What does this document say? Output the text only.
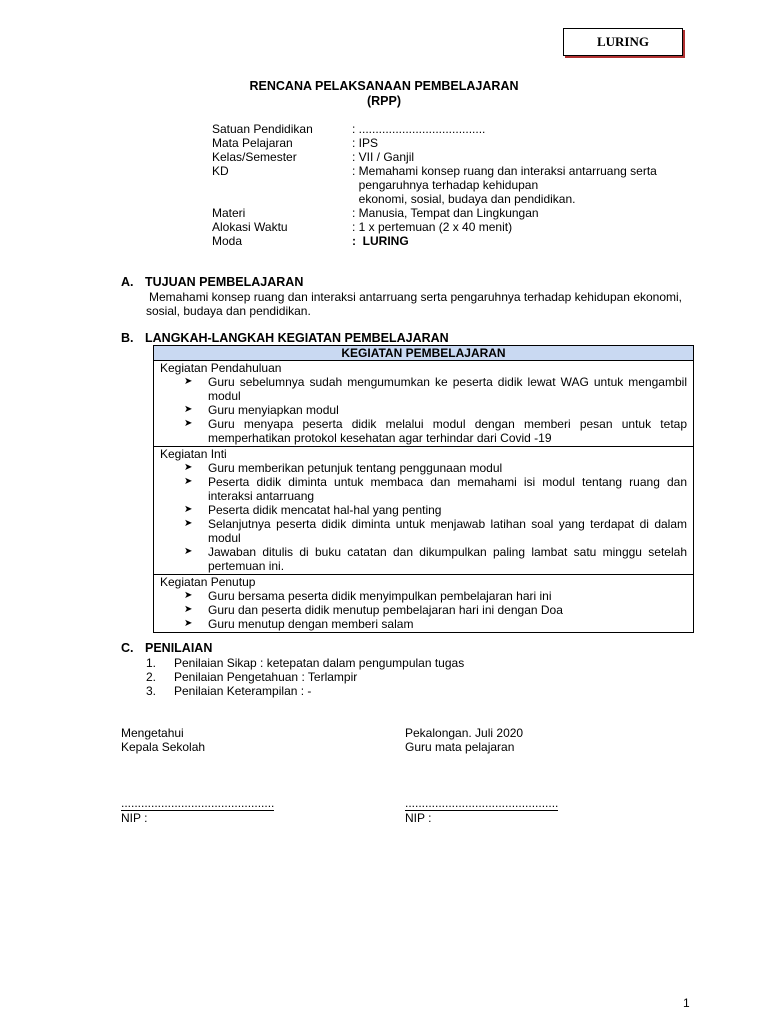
LURING
RENCANA PELAKSANAAN PEMBELAJARAN
(RPP)
Satuan Pendidikan	: ......................................
Mata Pelajaran	: IPS
Kelas/Semester	: VII / Ganjil
KD	: Memahami konsep ruang dan interaksi antarruang serta
pengaruhnya terhadap kehidupan
ekonomi, sosial, budaya dan pendidikan.
Materi	: Manusia, Tempat dan Lingkungan
Alokasi Waktu	: 1 x pertemuan (2 x 40 menit)
Moda	:  LURING
A. TUJUAN PEMBELAJARAN
Memahami konsep ruang dan interaksi antarruang serta pengaruhnya terhadap kehidupan ekonomi, sosial, budaya dan pendidikan.
B. LANGKAH-LANGKAH KEGIATAN PEMBELAJARAN
KEGIATAN PEMBELAJARAN

Kegiatan Pendahuluan
➤ Guru sebelumnya sudah mengumumkan ke peserta didik lewat WAG untuk mengambil modul
➤ Guru menyiapkan modul
➤ Guru menyapa peserta didik melalui modul dengan memberi pesan untuk tetap memperhatikan protokol kesehatan agar terhindar dari Covid -19

Kegiatan Inti
➤ Guru memberikan petunjuk tentang penggunaan modul
➤ Peserta didik diminta untuk membaca dan memahami isi modul tentang ruang dan interaksi antarruang
➤ Peserta didik mencatat hal-hal yang penting
➤ Selanjutnya peserta didik diminta untuk menjawab latihan soal yang terdapat di dalam modul
➤ Jawaban ditulis di buku catatan dan dikumpulkan paling lambat satu minggu setelah pertemuan ini.

Kegiatan Penutup
➤ Guru bersama peserta didik menyimpulkan pembelajaran hari ini
➤ Guru dan peserta didik menutup pembelajaran hari ini dengan Doa
➤ Guru menutup dengan memberi salam
C. PENILAIAN
1. Penilaian Sikap : ketepatan dalam pengumpulan tugas
2. Penilaian Pengetahuan : Terlampir
3. Penilaian Keterampilan : -
Mengetahui
Kepala Sekolah
..............................................
NIP :
Pekalongan. Juli 2020
Guru mata pelajaran
..............................................
NIP :
1
